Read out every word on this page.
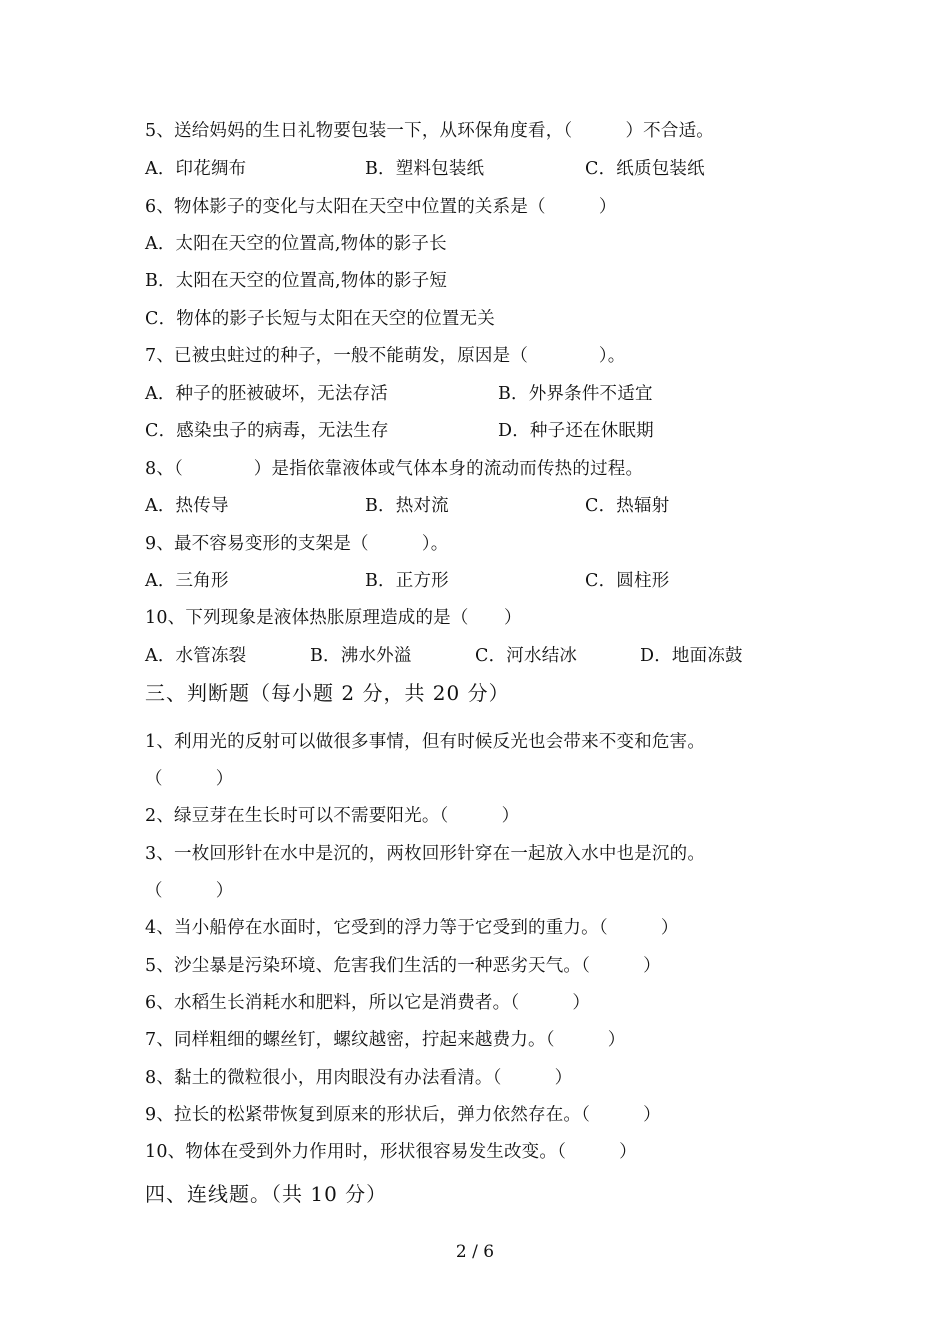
5、送给妈妈的生日礼物要包装一下，从环保角度看，（　　　）不合适。

A．印花绸布

	B．塑料包装纸

	C．纸质包装纸

6、物体影子的变化与太阳在天空中位置的关系是（　　　）
A．太阳在天空的位置高,物体的影子长
B．太阳在天空的位置高,物体的影子短
C．物体的影子长短与太阳在天空的位置无关
7、已被虫蛀过的种子，一般不能萌发，原因是（　　　　）。

A．种子的胚被破坏，无法存活

	B．外界条件不适宜

C．感染虫子的病毒，无法生存

	D．种子还在休眠期

8、（　　　　）是指依靠液体或气体本身的流动而传热的过程。

A．热传导

	B．热对流

	C．热辐射

9、最不容易变形的支架是（　　　）。

A．三角形

	B．正方形

	C．圆柱形

10、下列现象是液体热胀原理造成的是（　　）

A．水管冻裂

	B．沸水外溢

	C．河水结冰

	D．地面冻鼓

三、判断题（每小题 2 分，共 20 分）
1、利用光的反射可以做很多事情，但有时候反光也会带来不变和危害。
（　　　）
2、绿豆芽在生长时可以不需要阳光。（　　　）
3、一枚回形针在水中是沉的，两枚回形针穿在一起放入水中也是沉的。
（　　　）
4、当小船停在水面时，它受到的浮力等于它受到的重力。（　　　）
5、沙尘暴是污染环境、危害我们生活的一种恶劣天气。（　　　）
6、水稻生长消耗水和肥料，所以它是消费者。（　　　）
7、同样粗细的螺丝钉，螺纹越密，拧起来越费力。（　　　）
8、黏土的微粒很小，用肉眼没有办法看清。（　　　）
9、拉长的松紧带恢复到原来的形状后，弹力依然存在。（　　　）
10、物体在受到外力作用时，形状很容易发生改变。（　　　）
四、连线题。（共 10 分）
2 / 6
